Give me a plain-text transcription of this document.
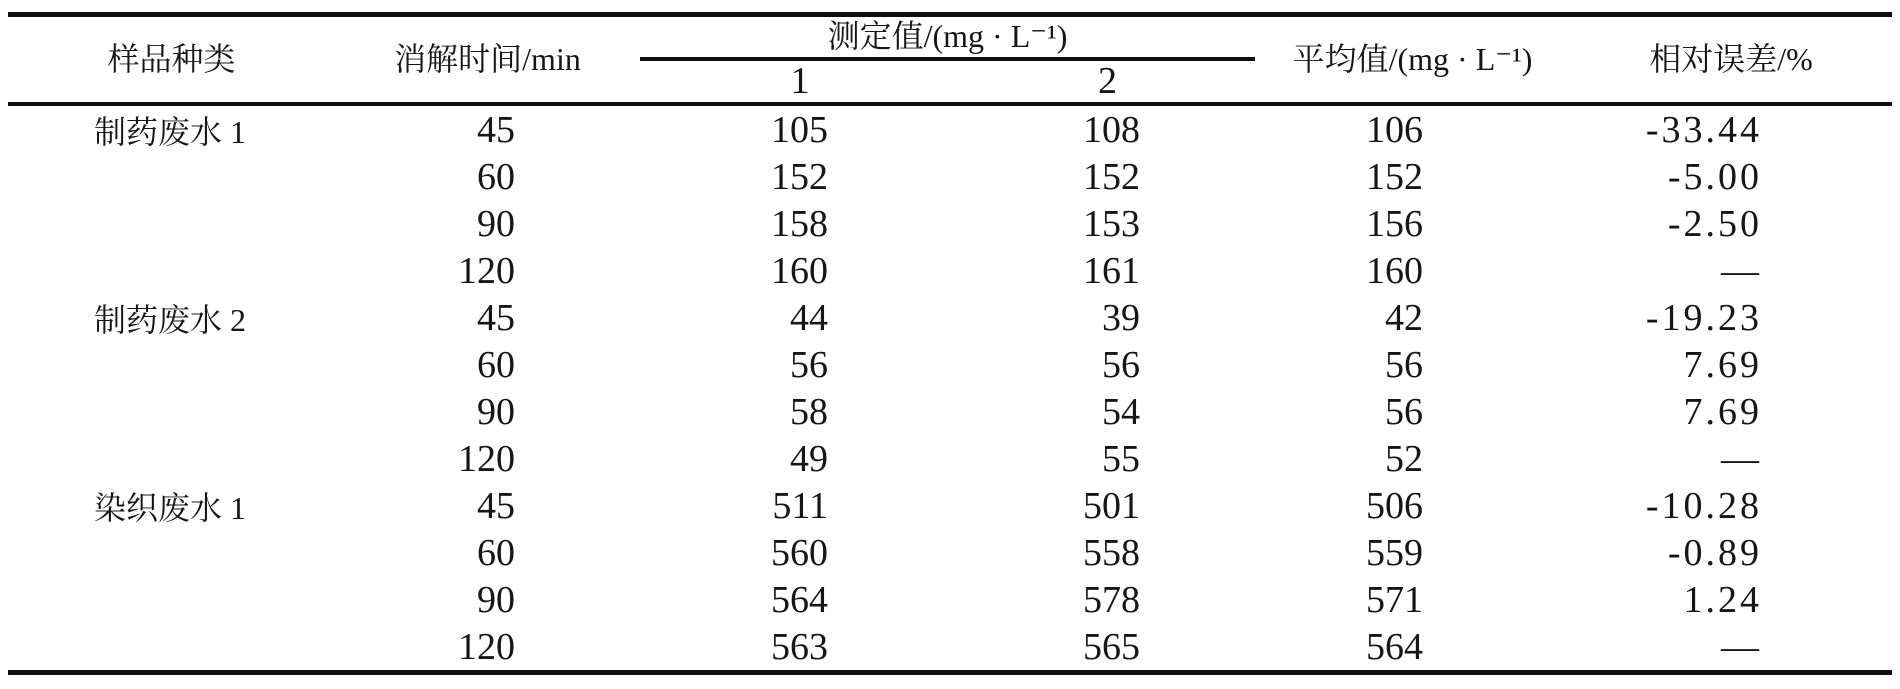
样品种类	消解时间/min	测定值/(mg · L⁻¹)		平均值/(mg · L⁻¹)	相对误差/%
		1	2		
制药废水 1	45	105	108	106	-33.44
	60	152	152	152	-5.00
	90	158	153	156	-2.50
	120	160	161	160	—
制药废水 2	45	44	39	42	-19.23
	60	56	56	56	7.69
	90	58	54	56	7.69
	120	49	55	52	—
染织废水 1	45	511	501	506	-10.28
	60	560	558	559	-0.89
	90	564	578	571	1.24
	120	563	565	564	—
